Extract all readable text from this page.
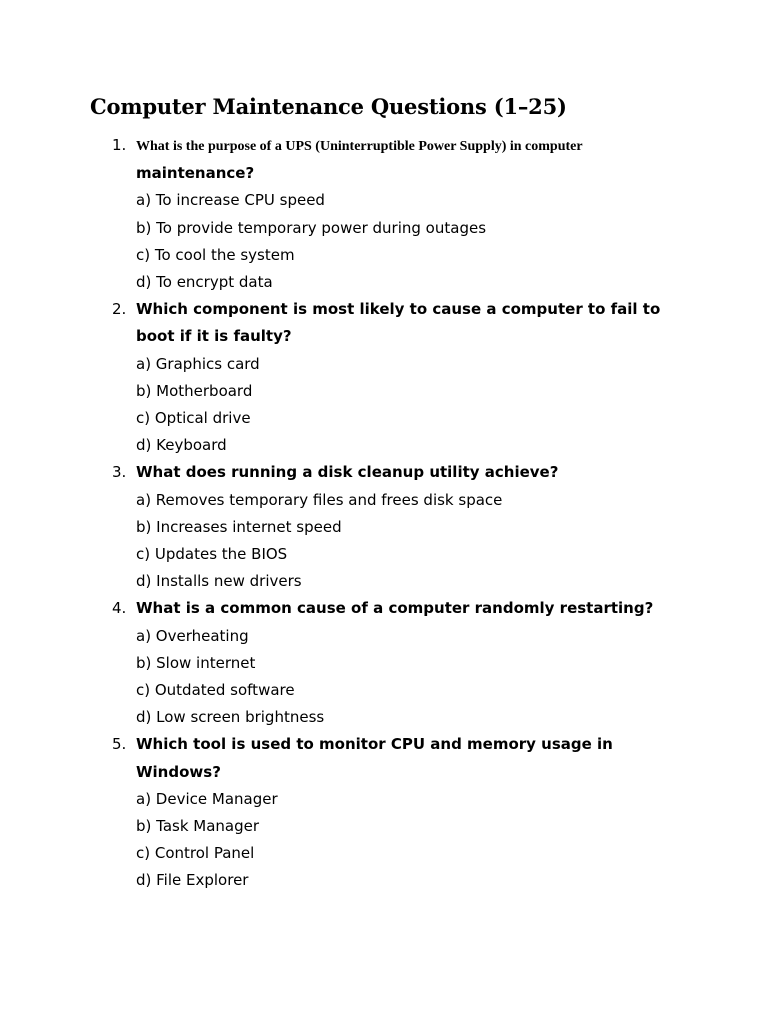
Computer Maintenance Questions (1–25)
1. What is the purpose of a UPS (Uninterruptible Power Supply) in computer maintenance?
a) To increase CPU speed
b) To provide temporary power during outages
c) To cool the system
d) To encrypt data
2. Which component is most likely to cause a computer to fail to boot if it is faulty?
a) Graphics card
b) Motherboard
c) Optical drive
d) Keyboard
3. What does running a disk cleanup utility achieve?
a) Removes temporary files and frees disk space
b) Increases internet speed
c) Updates the BIOS
d) Installs new drivers
4. What is a common cause of a computer randomly restarting?
a) Overheating
b) Slow internet
c) Outdated software
d) Low screen brightness
5. Which tool is used to monitor CPU and memory usage in Windows?
a) Device Manager
b) Task Manager
c) Control Panel
d) File Explorer
